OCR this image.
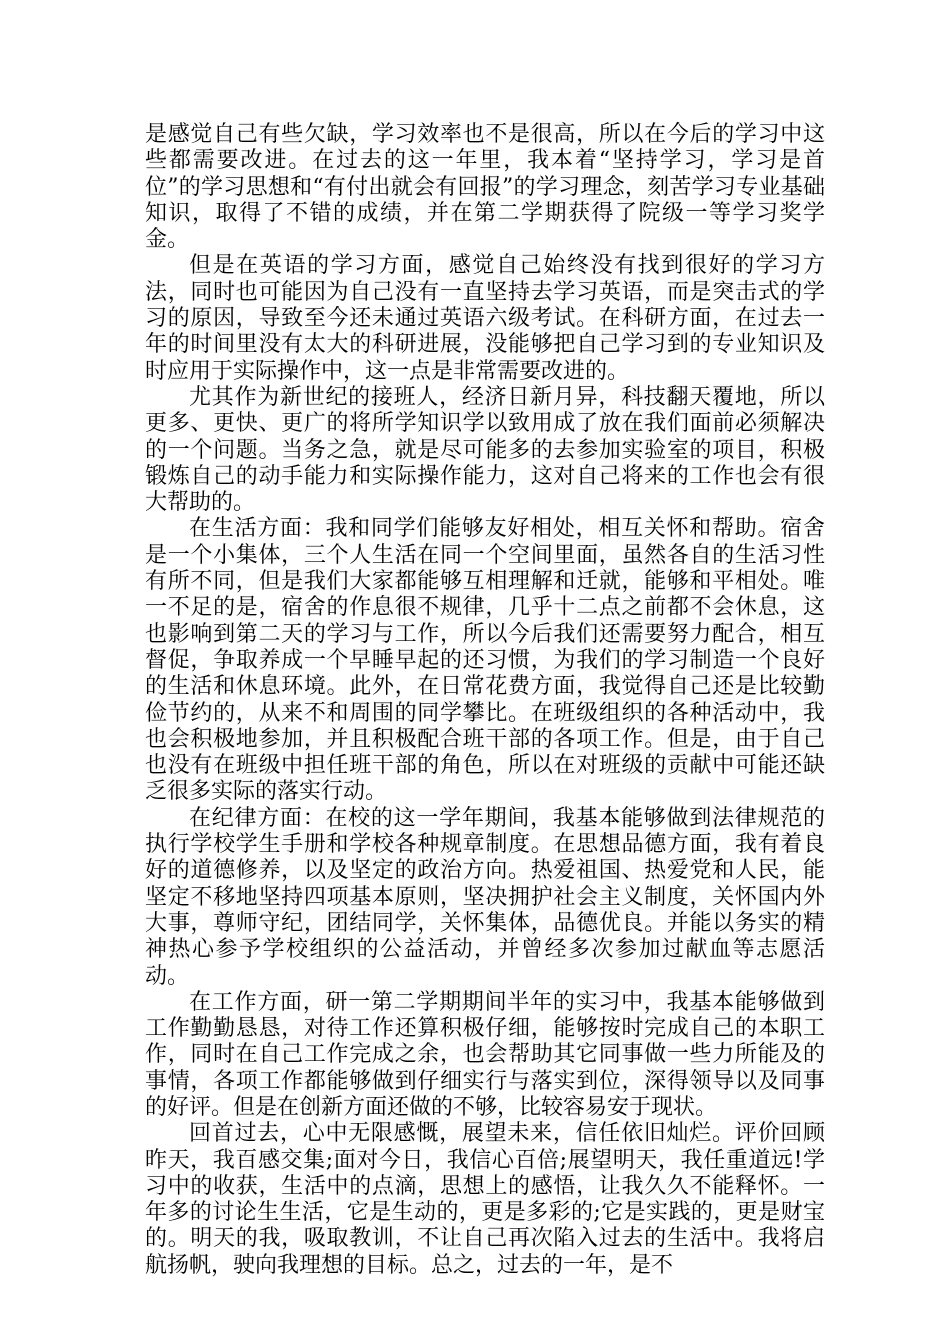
是感觉自己有些欠缺，学习效率也不是很高，所以在今后的学习中这些都需要改进。在过去的这一年里，我本着“坚持学习，学习是首位”的学习思想和“有付出就会有回报”的学习理念，刻苦学习专业基础知识，取得了不错的成绩，并在第二学期获得了院级一等学习奖学金。

但是在英语的学习方面，感觉自己始终没有找到很好的学习方法，同时也可能因为自己没有一直坚持去学习英语，而是突击式的学习的原因，导致至今还未通过英语六级考试。在科研方面，在过去一年的时间里没有太大的科研进展，没能够把自己学习到的专业知识及时应用于实际操作中，这一点是非常需要改进的。

尤其作为新世纪的接班人，经济日新月异，科技翻天覆地，所以更多、更快、更广的将所学知识学以致用成了放在我们面前必须解决的一个问题。当务之急，就是尽可能多的去参加实验室的项目，积极锻炼自己的动手能力和实际操作能力，这对自己将来的工作也会有很大帮助的。

在生活方面：我和同学们能够友好相处，相互关怀和帮助。宿舍是一个小集体，三个人生活在同一个空间里面，虽然各自的生活习性有所不同，但是我们大家都能够互相理解和迁就，能够和平相处。唯一不足的是，宿舍的作息很不规律，几乎十二点之前都不会休息，这也影响到第二天的学习与工作，所以今后我们还需要努力配合，相互督促，争取养成一个早睡早起的还习惯，为我们的学习制造一个良好的生活和休息环境。此外，在日常花费方面，我觉得自己还是比较勤俭节约的，从来不和周围的同学攀比。在班级组织的各种活动中，我也会积极地参加，并且积极配合班干部的各项工作。但是，由于自己也没有在班级中担任班干部的角色，所以在对班级的贡献中可能还缺乏很多实际的落实行动。

在纪律方面：在校的这一学年期间，我基本能够做到法律规范的执行学校学生手册和学校各种规章制度。在思想品德方面，我有着良好的道德修养，以及坚定的政治方向。热爱祖国、热爱党和人民，能坚定不移地坚持四项基本原则，坚决拥护社会主义制度，关怀国内外大事，尊师守纪，团结同学，关怀集体，品德优良。并能以务实的精神热心参予学校组织的公益活动，并曾经多次参加过献血等志愿活动。

在工作方面，研一第二学期期间半年的实习中，我基本能够做到工作勤勤恳恳，对待工作还算积极仔细，能够按时完成自己的本职工作，同时在自己工作完成之余，也会帮助其它同事做一些力所能及的事情，各项工作都能够做到仔细实行与落实到位，深得领导以及同事的好评。但是在创新方面还做的不够，比较容易安于现状。

回首过去，心中无限感慨，展望未来，信任依旧灿烂。评价回顾昨天，我百感交集;面对今日，我信心百倍;展望明天，我任重道远!学习中的收获，生活中的点滴，思想上的感悟，让我久久不能释怀。一年多的讨论生生活，它是生动的，更是多彩的;它是实践的，更是财宝的。明天的我，吸取教训，不让自己再次陷入过去的生活中。我将启航扬帆，驶向我理想的目标。总之，过去的一年，是不
